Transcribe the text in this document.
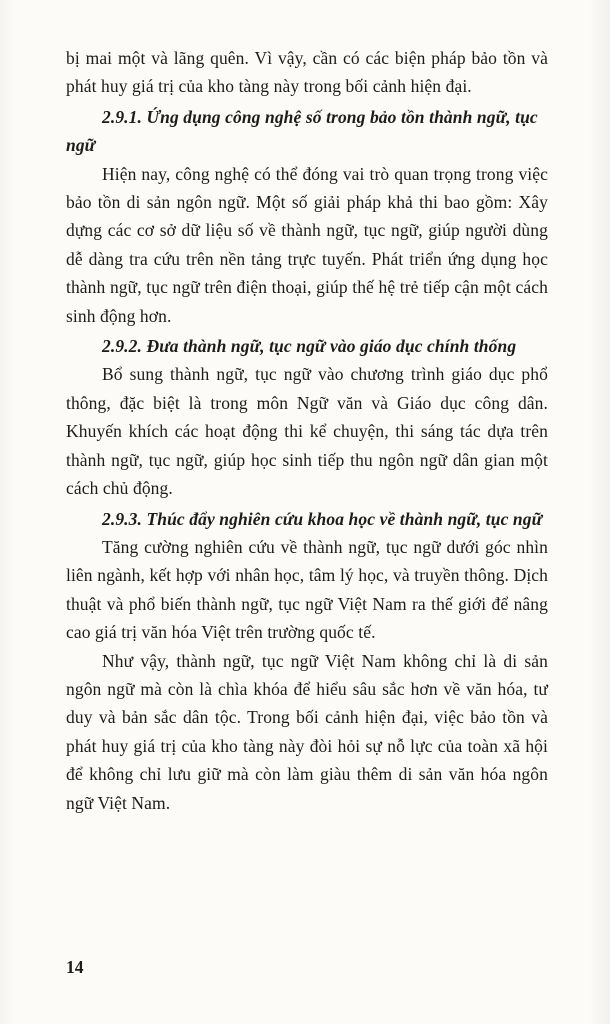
bị mai một và lãng quên. Vì vậy, cần có các biện pháp bảo tồn và phát huy giá trị của kho tàng này trong bối cảnh hiện đại.

2.9.1. Ứng dụng công nghệ số trong bảo tồn thành ngữ, tục ngữ

Hiện nay, công nghệ có thể đóng vai trò quan trọng trong việc bảo tồn di sản ngôn ngữ. Một số giải pháp khả thi bao gồm: Xây dựng các cơ sở dữ liệu số về thành ngữ, tục ngữ, giúp người dùng dễ dàng tra cứu trên nền tảng trực tuyến. Phát triển ứng dụng học thành ngữ, tục ngữ trên điện thoại, giúp thế hệ trẻ tiếp cận một cách sinh động hơn.

2.9.2. Đưa thành ngữ, tục ngữ vào giáo dục chính thống

Bổ sung thành ngữ, tục ngữ vào chương trình giáo dục phổ thông, đặc biệt là trong môn Ngữ văn và Giáo dục công dân. Khuyến khích các hoạt động thi kể chuyện, thi sáng tác dựa trên thành ngữ, tục ngữ, giúp học sinh tiếp thu ngôn ngữ dân gian một cách chủ động.

2.9.3. Thúc đẩy nghiên cứu khoa học về thành ngữ, tục ngữ

Tăng cường nghiên cứu về thành ngữ, tục ngữ dưới góc nhìn liên ngành, kết hợp với nhân học, tâm lý học, và truyền thông. Dịch thuật và phổ biến thành ngữ, tục ngữ Việt Nam ra thế giới để nâng cao giá trị văn hóa Việt trên trường quốc tế.

Như vậy, thành ngữ, tục ngữ Việt Nam không chỉ là di sản ngôn ngữ mà còn là chìa khóa để hiểu sâu sắc hơn về văn hóa, tư duy và bản sắc dân tộc. Trong bối cảnh hiện đại, việc bảo tồn và phát huy giá trị của kho tàng này đòi hỏi sự nỗ lực của toàn xã hội để không chỉ lưu giữ mà còn làm giàu thêm di sản văn hóa ngôn ngữ Việt Nam.

14
